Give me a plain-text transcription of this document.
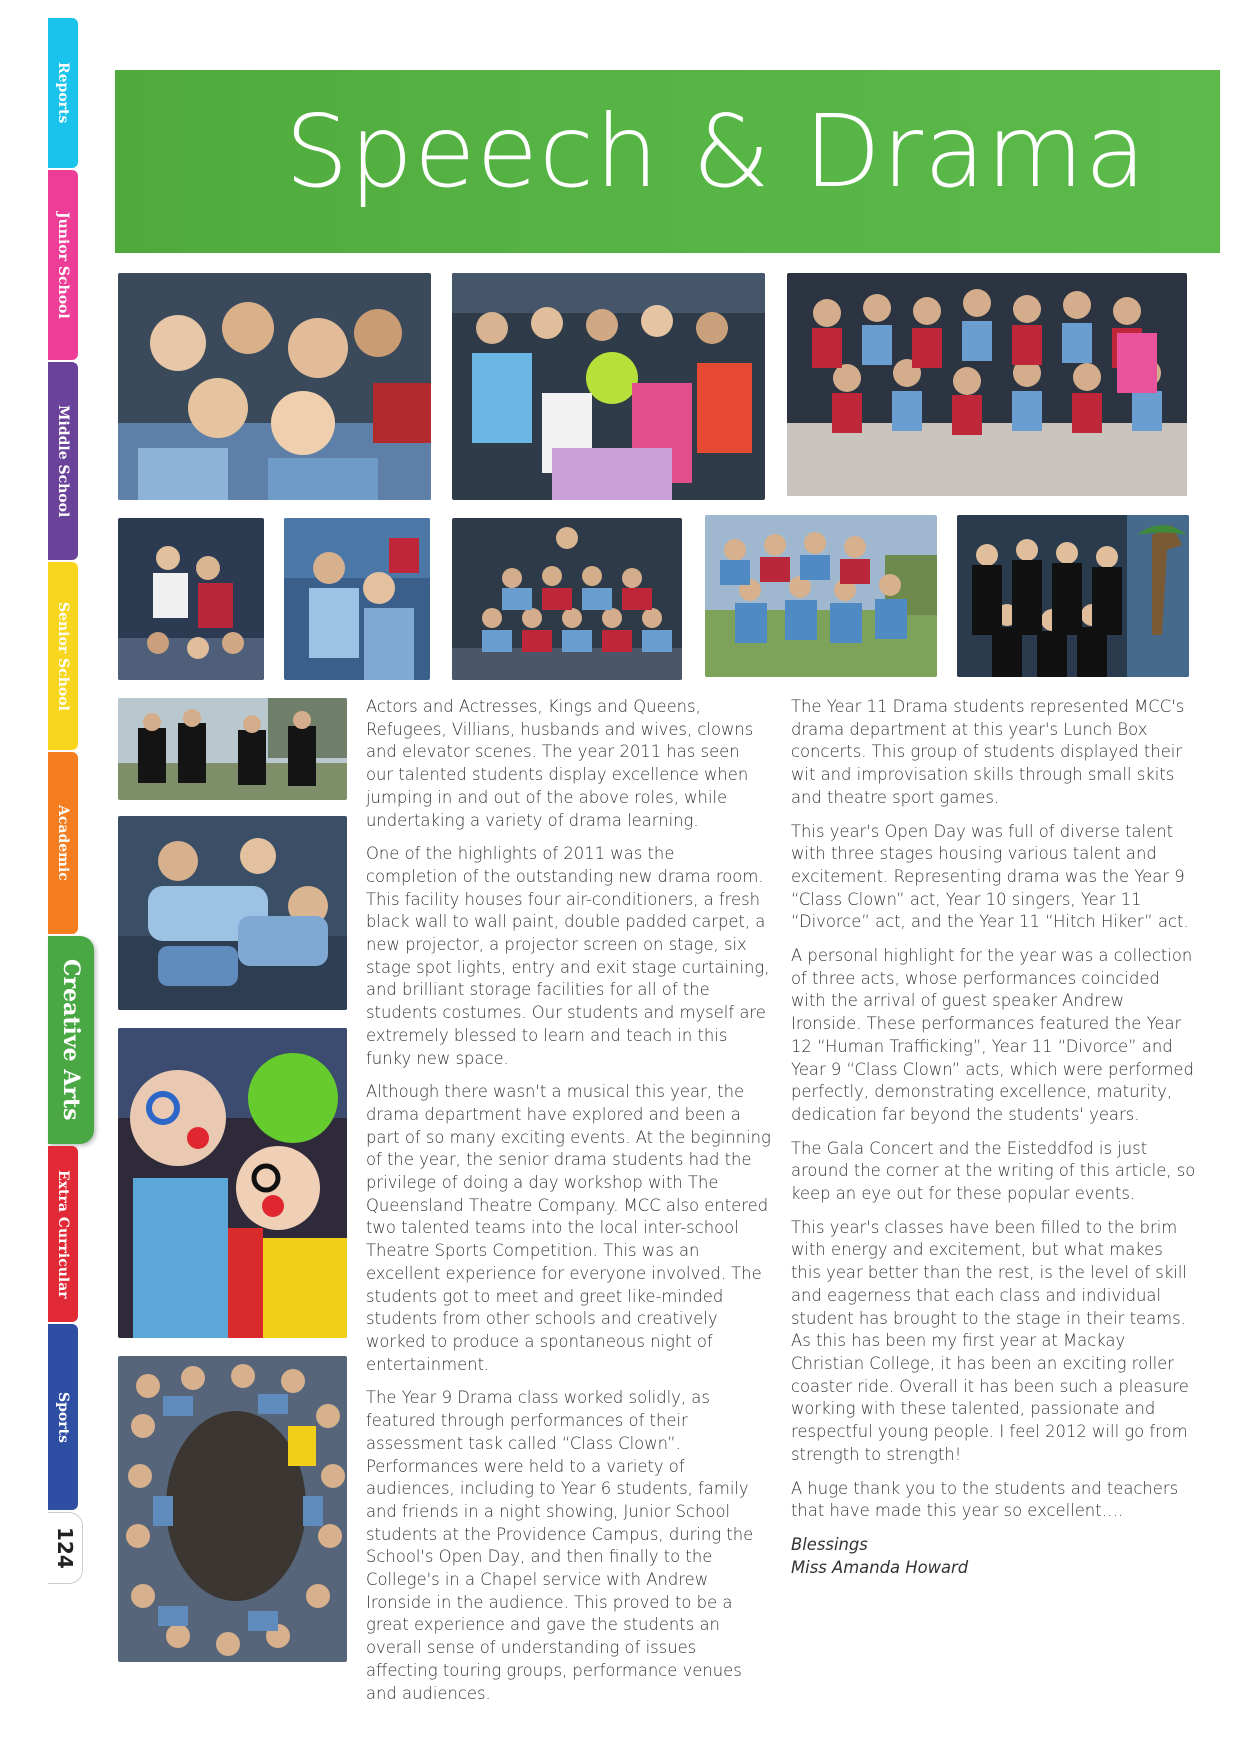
Reports
Junior School
Middle School
Senior School
Academic
Creative Arts
Extra Curricular
Sports
124
Speech & Drama

Actors and Actresses, Kings and Queens, Refugees, Villians, husbands and wives, clowns and elevator scenes. The year 2011 has seen our talented students display excellence when jumping in and out of the above roles, while undertaking a variety of drama learning.

One of the highlights of 2011 was the completion of the outstanding new drama room. This facility houses four air-conditioners, a fresh black wall to wall paint, double padded carpet, a new projector, a projector screen on stage, six stage spot lights, entry and exit stage curtaining, and brilliant storage facilities for all of the students costumes. Our students and myself are extremely blessed to learn and teach in this funky new space.

Although there wasn't a musical this year, the drama department have explored and been a part of so many exciting events. At the beginning of the year, the senior drama students had the privilege of doing a day workshop with The Queensland Theatre Company. MCC also entered two talented teams into the local inter-school Theatre Sports Competition. This was an excellent experience for everyone involved. The students got to meet and greet like-minded students from other schools and creatively worked to produce a spontaneous night of entertainment.

The Year 9 Drama class worked solidly, as featured through performances of their assessment task called “Class Clown”. Performances were held to a variety of audiences, including to Year 6 students, family and friends in a night showing, Junior School students at the Providence Campus, during the School's Open Day, and then finally to the College's in a Chapel service with Andrew Ironside in the audience. This proved to be a great experience and gave the students an overall sense of understanding of issues affecting touring groups, performance venues and audiences.

The Year 11 Drama students represented MCC's drama department at this year's Lunch Box concerts. This group of students displayed their wit and improvisation skills through small skits and theatre sport games.

This year's Open Day was full of diverse talent with three stages housing various talent and excitement. Representing drama was the Year 9 “Class Clown” act, Year 10 singers, Year 11 “Divorce” act, and the Year 11 “Hitch Hiker” act.

A personal highlight for the year was a collection of three acts, whose performances coincided with the arrival of guest speaker Andrew Ironside. These performances featured the Year 12 “Human Trafficking”, Year 11 “Divorce” and Year 9 “Class Clown” acts, which were performed perfectly, demonstrating excellence, maturity, dedication far beyond the students' years.

The Gala Concert and the Eisteddfod is just around the corner at the writing of this article, so keep an eye out for these popular events.

This year's classes have been filled to the brim with energy and excitement, but what makes this year better than the rest, is the level of skill and eagerness that each class and individual student has brought to the stage in their teams. As this has been my first year at Mackay Christian College, it has been an exciting roller coaster ride. Overall it has been such a pleasure working with these talented, passionate and respectful young people. I feel 2012 will go from strength to strength!

A huge thank you to the students and teachers that have made this year so excellent….

Blessings

Miss Amanda Howard
